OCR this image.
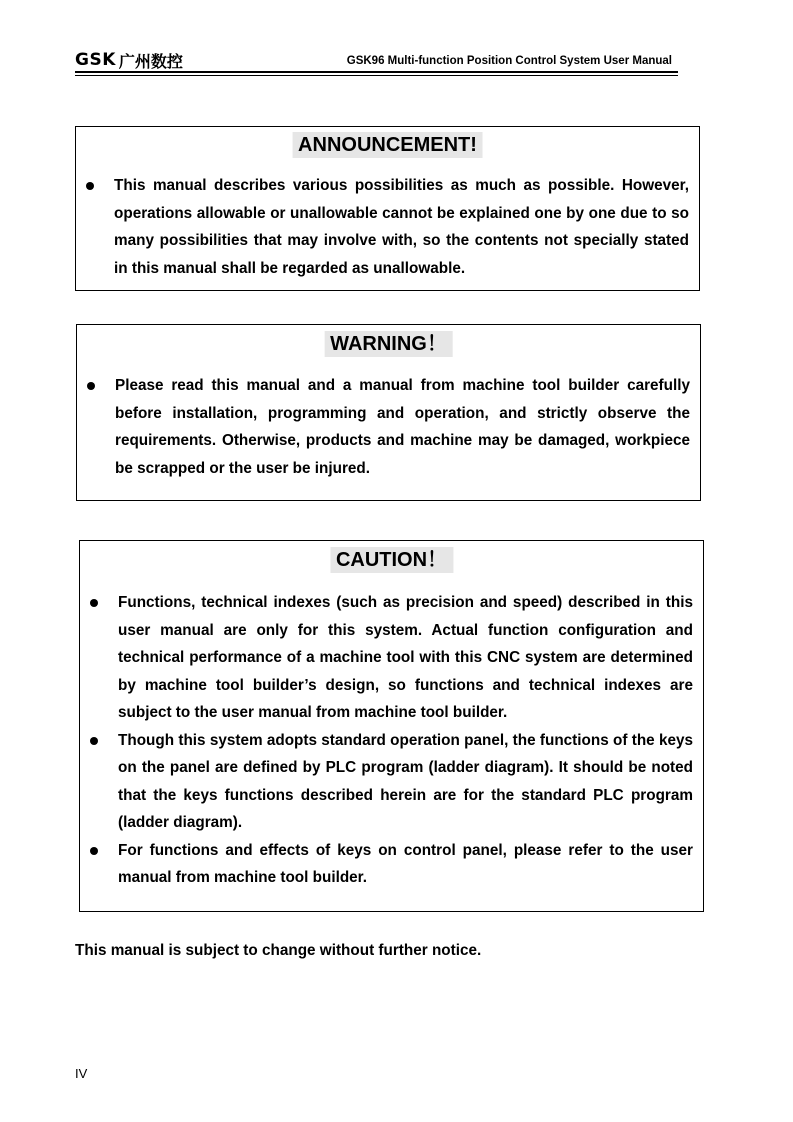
GSK 广州数控	GSK96 Multi-function Position Control System User Manual
ANNOUNCEMENT!
This manual describes various possibilities as much as possible. However, operations allowable or unallowable cannot be explained one by one due to so many possibilities that may involve with, so the contents not specially stated in this manual shall be regarded as unallowable.
WARNING！
Please read this manual and a manual from machine tool builder carefully before installation, programming and operation, and strictly observe the requirements. Otherwise, products and machine may be damaged, workpiece be scrapped or the user be injured.
CAUTION！
Functions, technical indexes (such as precision and speed) described in this user manual are only for this system. Actual function configuration and technical performance of a machine tool with this CNC system are determined by machine tool builder’s design, so functions and technical indexes are subject to the user manual from machine tool builder.
Though this system adopts standard operation panel, the functions of the keys on the panel are defined by PLC program (ladder diagram). It should be noted that the keys functions described herein are for the standard PLC program (ladder diagram).
For functions and effects of keys on control panel, please refer to the user manual from machine tool builder.
This manual is subject to change without further notice.
IV
